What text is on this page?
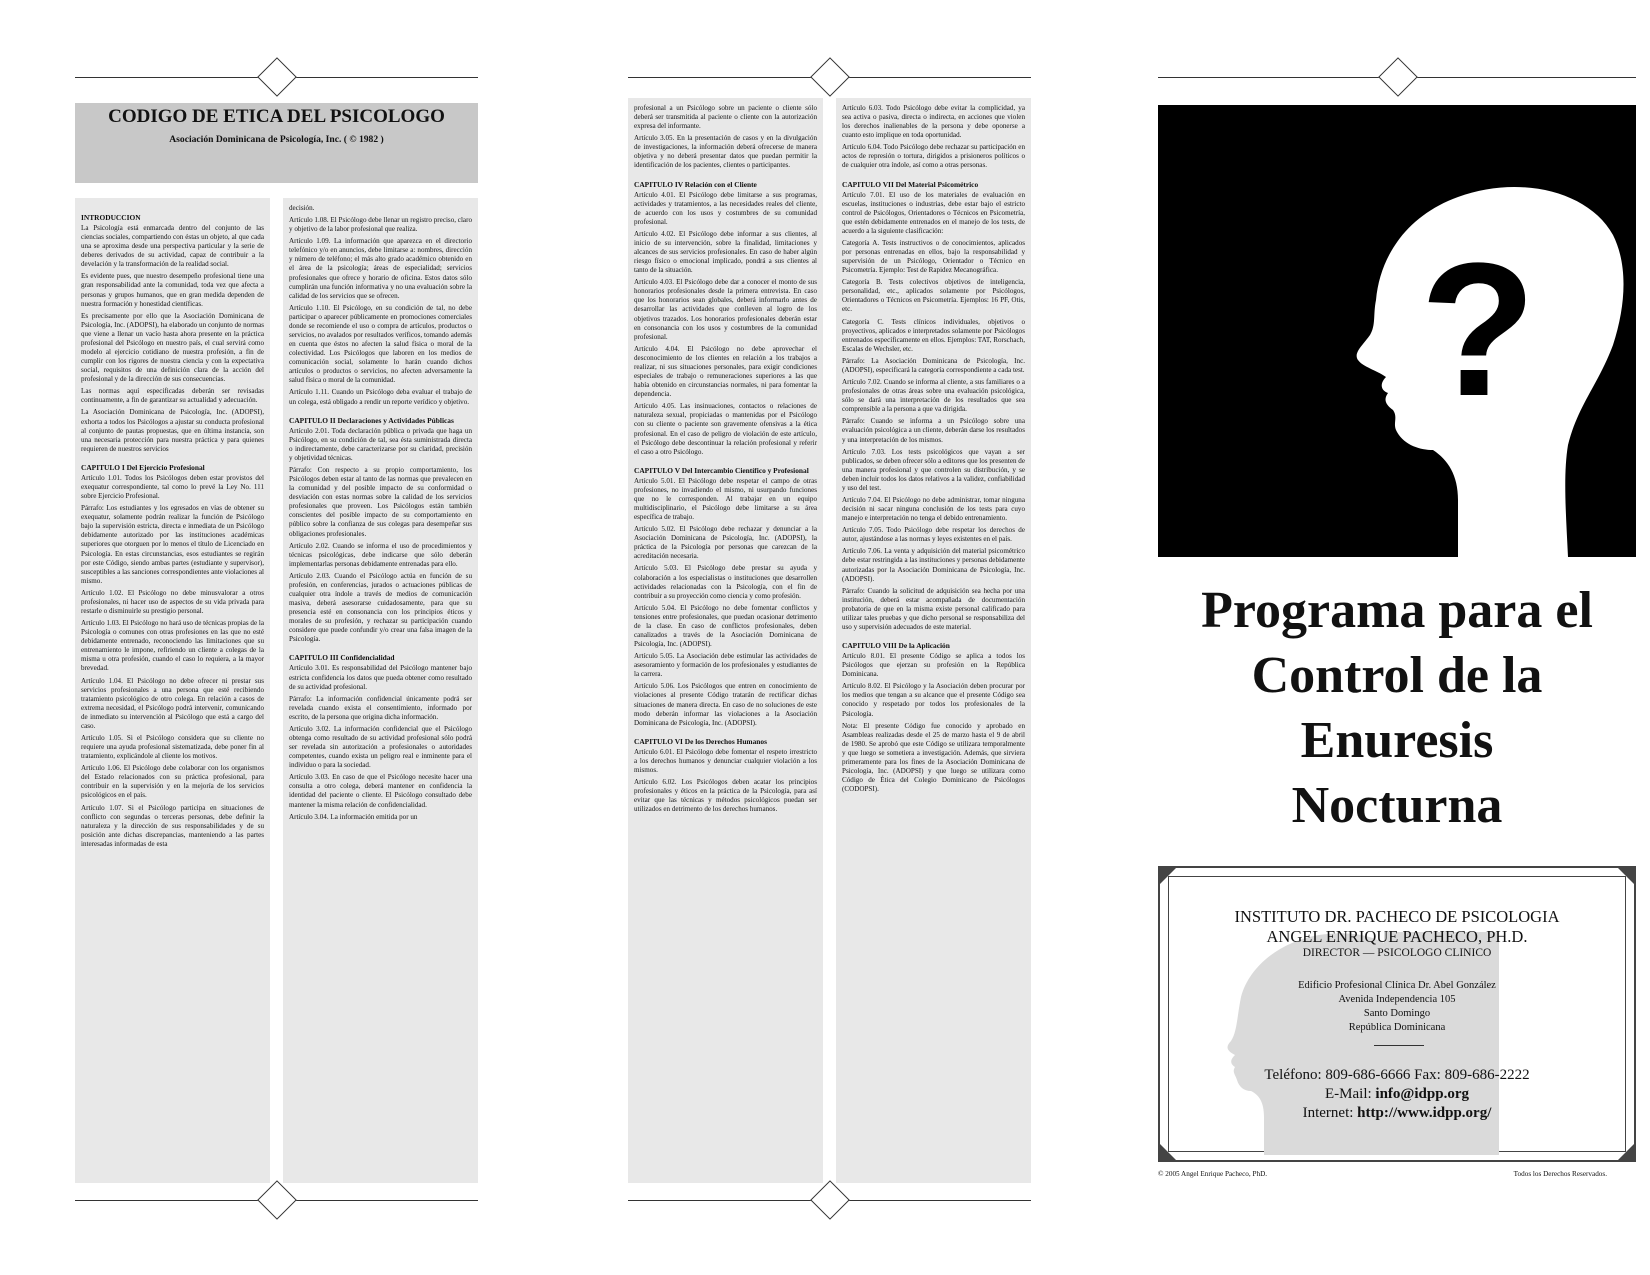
CODIGO DE ETICA DEL PSICOLOGO
Asociación Dominicana de Psicología, Inc. ( © 1982 )
INTRODUCCION

La Psicología está enmarcada dentro del conjunto de las ciencias sociales, compartiendo con éstas un objeto, al que cada una se aproxima desde una perspectiva particular y la serie de deberes derivados de su actividad, capaz de contribuir a la develación y la transformación de la realidad social.

Es evidente pues, que nuestro desempeño profesional tiene una gran responsabilidad ante la comunidad, toda vez que afecta a personas y grupos humanos, que en gran medida dependen de nuestra formación y honestidad científicas.

Es precisamente por ello que la Asociación Dominicana de Psicología, Inc. (ADOPSI), ha elaborado un conjunto de normas que viene a llenar un vacío hasta ahora presente en la práctica profesional del Psicólogo en nuestro país, el cual servirá como modelo al ejercicio cotidiano de nuestra profesión, a fin de cumplir con los rigores de nuestra ciencia y con la expectativa social, requisitos de una definición clara de la acción del profesional y de la dirección de sus consecuencias.

Las normas aquí especificadas deberán ser revisadas continuamente, a fin de garantizar su actualidad y adecuación.

La Asociación Dominicana de Psicología, Inc. (ADOPSI), exhorta a todos los Psicólogos a ajustar su conducta profesional al conjunto de pautas propuestas, que en última instancia, son una necesaria protección para nuestra práctica y para quienes requieren de nuestros servicios

CAPITULO I Del Ejercicio Profesional

Artículo 1.01. Todos los Psicólogos deben estar provistos del exequatur correspondiente, tal como lo prevé la Ley No. 111 sobre Ejercicio Profesional.

Párrafo: Los estudiantes y los egresados en vías de obtener su exequatur, solamente podrán realizar la función de Psicólogo bajo la supervisión estricta, directa e inmediata de un Psicólogo debidamente autorizado por las instituciones académicas superiores que otorguen por lo menos el título de Licenciado en Psicología. En estas circunstancias, esos estudiantes se regirán por este Código, siendo ambas partes (estudiante y supervisor), susceptibles a las sanciones correspondientes ante violaciones al mismo.

Artículo 1.02. El Psicólogo no debe minusvalorar a otros profesionales, ni hacer uso de aspectos de su vida privada para restarle o disminuirle su prestigio personal.

Artículo 1.03. El Psicólogo no hará uso de técnicas propias de la Psicología o comunes con otras profesiones en las que no esté debidamente entrenado, reconociendo las limitaciones que su entrenamiento le impone, refiriendo un cliente a colegas de la misma u otra profesión, cuando el caso lo requiera, a la mayor brevedad.

Artículo 1.04. El Psicólogo no debe ofrecer ni prestar sus servicios profesionales a una persona que esté recibiendo tratamiento psicológico de otro colega. En relación a casos de extrema necesidad, el Psicólogo podrá intervenir, comunicando de inmediato su intervención al Psicólogo que está a cargo del caso.

Artículo 1.05. Si el Psicólogo considera que su cliente no requiere una ayuda profesional sistematizada, debe poner fin al tratamiento, explicándole al cliente los motivos.

Artículo 1.06. El Psicólogo debe colaborar con los organismos del Estado relacionados con su práctica profesional, para contribuir en la supervisión y en la mejoría de los servicios psicológicos en el país.

Artículo 1.07. Si el Psicólogo participa en situaciones de conflicto con segundas o terceras personas, debe definir la naturaleza y la dirección de sus responsabilidades y de su posición ante dichas discrepancias, manteniendo a las partes interesadas informadas de esta

decisión.

Artículo 1.08. El Psicólogo debe llenar un registro preciso, claro y objetivo de la labor profesional que realiza.

Artículo 1.09. La información que aparezca en el directorio telefónico y/o en anuncios, debe limitarse a: nombres, dirección y número de teléfono; el más alto grado académico obtenido en el área de la psicología; áreas de especialidad; servicios profesionales que ofrece y horario de oficina. Estos datos sólo cumplirán una función informativa y no una evaluación sobre la calidad de los servicios que se ofrecen.

Artículo 1.10. El Psicólogo, en su condición de tal, no debe participar o aparecer públicamente en promociones comerciales donde se recomiende el uso o compra de artículos, productos o servicios, no avalados por resultados veríficos, tomando además en cuenta que éstos no afecten la salud física o moral de la colectividad. Los Psicólogos que laboren en los medios de comunicación social, solamente lo harán cuando dichos artículos o productos o servicios, no afecten adversamente la salud física o moral de la comunidad.

Artículo 1.11. Cuando un Psicólogo deba evaluar el trabajo de un colega, está obligado a rendir un reporte verídico y objetivo.

CAPITULO II Declaraciones y Actividades Públicas

Artículo 2.01. Toda declaración pública o privada que haga un Psicólogo, en su condición de tal, sea ésta suministrada directa o indirectamente, debe caracterizarse por su claridad, precisión y objetividad técnicas.

Párrafo: Con respecto a su propio comportamiento, los Psicólogos deben estar al tanto de las normas que prevalecen en la comunidad y del posible impacto de su conformidad o desviación con estas normas sobre la calidad de los servicios profesionales que proveen. Los Psicólogos están también conscientes del posible impacto de su comportamiento en público sobre la confianza de sus colegas para desempeñar sus obligaciones profesionales.

Artículo 2.02. Cuando se informa el uso de procedimientos y técnicas psicológicas, debe indicarse que sólo deberán implementarlas personas debidamente entrenadas para ello.

Artículo 2.03. Cuando el Psicólogo actúa en función de su profesión, en conferencias, jurados o actuaciones públicas de cualquier otra índole a través de medios de comunicación masiva, deberá asesorarse cuidadosamente, para que su presencia esté en consonancia con los principios éticos y morales de su profesión, y rechazar su participación cuando considere que puede confundir y/o crear una falsa imagen de la Psicología.

CAPITULO III Confidencialidad

Artículo 3.01. Es responsabilidad del Psicólogo mantener bajo estricta confidencia los datos que pueda obtener como resultado de su actividad profesional.

Párrafo: La información confidencial únicamente podrá ser revelada cuando exista el consentimiento, informado por escrito, de la persona que origina dicha información.

Artículo 3.02. La información confidencial que el Psicólogo obtenga como resultado de su actividad profesional sólo podrá ser revelada sin autorización a profesionales o autoridades competentes, cuando exista un peligro real e inminente para el individuo o para la sociedad.

Artículo 3.03. En caso de que el Psicólogo necesite hacer una consulta a otro colega, deberá mantener en confidencia la identidad del paciente o cliente. El Psicólogo consultado debe mantener la misma relación de confidencialidad.

Artículo 3.04. La información emitida por un

profesional a un Psicólogo sobre un paciente o cliente sólo deberá ser transmitida al paciente o cliente con la autorización expresa del informante.

Artículo 3.05. En la presentación de casos y en la divulgación de investigaciones, la información deberá ofrecerse de manera objetiva y no deberá presentar datos que puedan permitir la identificación de los pacientes, clientes o participantes.

CAPITULO IV Relación con el Cliente

Artículo 4.01. El Psicólogo debe limitarse a sus programas, actividades y tratamientos, a las necesidades reales del cliente, de acuerdo con los usos y costumbres de su comunidad profesional.

Artículo 4.02. El Psicólogo debe informar a sus clientes, al inicio de su intervención, sobre la finalidad, limitaciones y alcances de sus servicios profesionales. En caso de haber algún riesgo físico o emocional implicado, pondrá a sus clientes al tanto de la situación.

Artículo 4.03. El Psicólogo debe dar a conocer el monto de sus honorarios profesionales desde la primera entrevista. En caso que los honorarios sean globales, deberá informarlo antes de desarrollar las actividades que conlleven al logro de los objetivos trazados. Los honorarios profesionales deberán estar en consonancia con los usos y costumbres de la comunidad profesional.

Artículo 4.04. El Psicólogo no debe aprovechar el desconocimiento de los clientes en relación a los trabajos a realizar, ni sus situaciones personales, para exigir condiciones especiales de trabajo o remuneraciones superiores a las que había obtenido en circunstancias normales, ni para fomentar la dependencia.

Artículo 4.05. Las insinuaciones, contactos o relaciones de naturaleza sexual, propiciadas o mantenidas por el Psicólogo con su cliente o paciente son gravemente ofensivas a la ética profesional. En el caso de peligro de violación de este artículo, el Psicólogo debe descontinuar la relación profesional y referir el caso a otro Psicólogo.

CAPITULO V Del Intercambio Científico y Profesional

Artículo 5.01. El Psicólogo debe respetar el campo de otras profesiones, no invadiendo el mismo, ni usurpando funciones que no le corresponden. Al trabajar en un equipo multidisciplinario, el Psicólogo debe limitarse a su área específica de trabajo.

Artículo 5.02. El Psicólogo debe rechazar y denunciar a la Asociación Dominicana de Psicología, Inc. (ADOPSI), la práctica de la Psicología por personas que carezcan de la acreditación necesaria.

Artículo 5.03. El Psicólogo debe prestar su ayuda y colaboración a los especialistas o instituciones que desarrollen actividades relacionadas con la Psicología, con el fin de contribuir a su proyección como ciencia y como profesión.

Artículo 5.04. El Psicólogo no debe fomentar conflictos y tensiones entre profesionales, que puedan ocasionar detrimento de la clase. En caso de conflictos profesionales, deben canalizados a través de la Asociación Dominicana de Psicología, Inc. (ADOPSI).

Artículo 5.05. La Asociación debe estimular las actividades de asesoramiento y formación de los profesionales y estudiantes de la carrera.

Artículo 5.06. Los Psicólogos que entren en conocimiento de violaciones al presente Código tratarán de rectificar dichas situaciones de manera directa. En caso de no soluciones de este modo deberán informar las violaciones a la Asociación Dominicana de Psicología, Inc. (ADOPSI).

CAPITULO VI De los Derechos Humanos

Artículo 6.01. El Psicólogo debe fomentar el respeto irrestricto a los derechos humanos y denunciar cualquier violación a los mismos.

Artículo 6.02. Los Psicólogos deben acatar los principios profesionales y éticos en la práctica de la Psicología, para así evitar que las técnicas y métodos psicológicos puedan ser utilizados en detrimento de los derechos humanos.

Artículo 6.03. Todo Psicólogo debe evitar la complicidad, ya sea activa o pasiva, directa o indirecta, en acciones que violen los derechos inalienables de la persona y debe oponerse a cuanto esto implique en toda oportunidad.

Artículo 6.04. Todo Psicólogo debe rechazar su participación en actos de represión o tortura, dirigidos a prisioneros políticos o de cualquier otra índole, así como a otras personas.

CAPITULO VII Del Material Psicométrico

Artículo 7.01. El uso de los materiales de evaluación en escuelas, instituciones o industrias, debe estar bajo el estricto control de Psicólogos, Orientadores o Técnicos en Psicometría, que estén debidamente entrenados en el manejo de los tests, de acuerdo a la siguiente clasificación:

Categoría A. Tests instructivos o de conocimientos, aplicados por personas entrenadas en ellos, bajo la responsabilidad y supervisión de un Psicólogo, Orientador o Técnico en Psicometría. Ejemplo: Test de Rapidez Mecanográfica.

Categoría B. Tests colectivos objetivos de inteligencia, personalidad, etc., aplicados solamente por Psicólogos, Orientadores o Técnicos en Psicometría. Ejemplos: 16 PF, Otis, etc.

Categoría C. Tests clínicos individuales, objetivos o proyectivos, aplicados e interpretados solamente por Psicólogos entrenados específicamente en ellos. Ejemplos: TAT, Rorschach, Escalas de Wechsler, etc.

Párrafo: La Asociación Dominicana de Psicología, Inc. (ADOPSI), especificará la categoría correspondiente a cada test.

Artículo 7.02. Cuando se informa al cliente, a sus familiares o a profesionales de otras áreas sobre una evaluación psicológica, sólo se dará una interpretación de los resultados que sea comprensible a la persona a que va dirigida.

Párrafo: Cuando se informa a un Psicólogo sobre una evaluación psicológica a un cliente, deberán darse los resultados y una interpretación de los mismos.

Artículo 7.03. Los tests psicológicos que vayan a ser publicados, se deben ofrecer sólo a editores que los presenten de una manera profesional y que controlen su distribución, y se deben incluir todos los datos relativos a la validez, confiabilidad y uso del test.

Artículo 7.04. El Psicólogo no debe administrar, tomar ninguna decisión ni sacar ninguna conclusión de los tests para cuyo manejo e interpretación no tenga el debido entrenamiento.

Artículo 7.05. Todo Psicólogo debe respetar los derechos de autor, ajustándose a las normas y leyes existentes en el país.

Artículo 7.06. La venta y adquisición del material psicométrico debe estar restringida a las instituciones y personas debidamente autorizadas por la Asociación Dominicana de Psicología, Inc. (ADOPSI).

Párrafo: Cuando la solicitud de adquisición sea hecha por una institución, deberá estar acompañada de documentación probatoria de que en la misma existe personal calificado para utilizar tales pruebas y que dicho personal se responsabiliza del uso y supervisión adecuados de este material.

CAPITULO VIII De la Aplicación

Artículo 8.01. El presente Código se aplica a todos los Psicólogos que ejerzan su profesión en la República Dominicana.

Artículo 8.02. El Psicólogo y la Asociación deben procurar por los medios que tengan a su alcance que el presente Código sea conocido y respetado por todos los profesionales de la Psicología.

Nota: El presente Código fue conocido y aprobado en Asambleas realizadas desde el 25 de marzo hasta el 9 de abril de 1980. Se aprobó que este Código se utilizara temporalmente y que luego se sometiera a investigación. Además, que sirviera primeramente para los fines de la Asociación Dominicana de Psicología, Inc. (ADOPSI) y que luego se utilizara como Código de Ética del Colegio Dominicano de Psicólogos (CODOPSI).

?
Programa para el
Control de la
Enuresis
Nocturna
INSTITUTO DR. PACHECO DE PSICOLOGIA
ANGEL ENRIQUE PACHECO, PH.D.
DIRECTOR — PSICOLOGO CLINICO
Edificio Profesional Clínica Dr. Abel González
Avenida Independencia 105
Santo Domingo
República Dominicana
Teléfono: 809-686-6666 Fax: 809-686-2222
E-Mail: info@idpp.org
Internet: http://www.idpp.org/
© 2005 Angel Enrique Pacheco, PhD.	Todos los Derechos Reservados.
